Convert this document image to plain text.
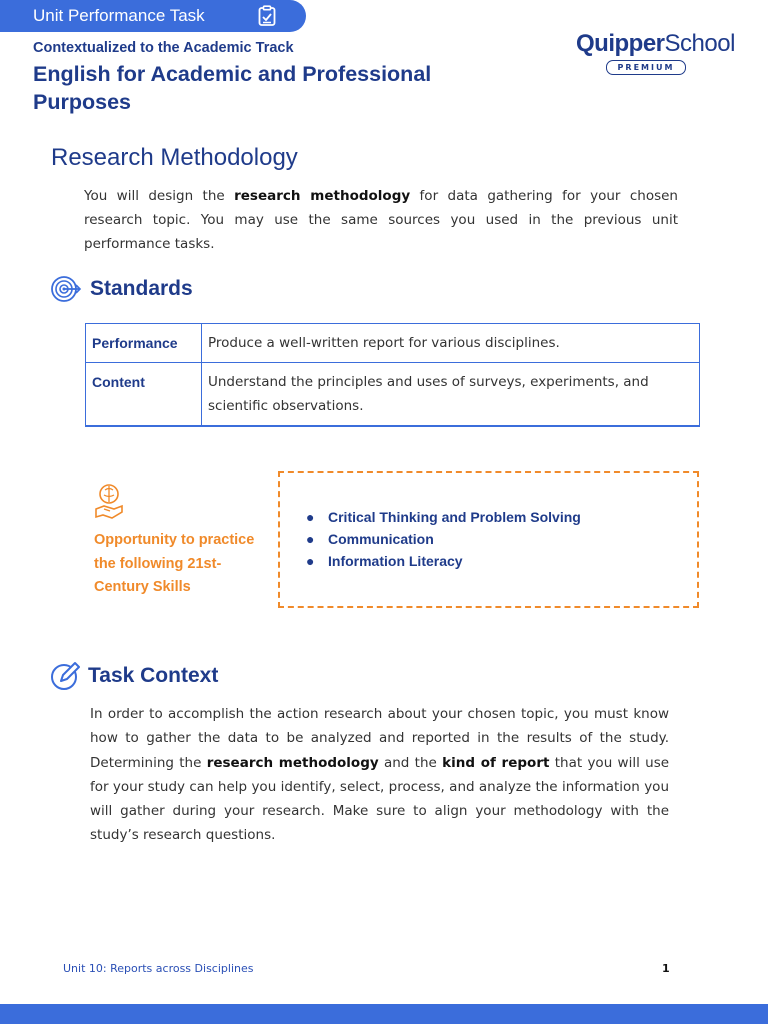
Unit Performance Task
Contextualized to the Academic Track
English for Academic and Professional Purposes
QuipperSchool
PREMIUM
Research Methodology
You will design the research methodology for data gathering for your chosen research topic. You may use the same sources you used in the previous unit performance tasks.
Standards
Performance	Produce a well-written report for various disciplines.
Content	Understand the principles and uses of surveys, experiments, and scientific observations.
Opportunity to practice the following 21st-Century Skills
● Critical Thinking and Problem Solving
● Communication
● Information Literacy
Task Context
In order to accomplish the action research about your chosen topic, you must know how to gather the data to be analyzed and reported in the results of the study. Determining the research methodology and the kind of report that you will use for your study can help you identify, select, process, and analyze the information you will gather during your research. Make sure to align your methodology with the study’s research questions.
Unit 10: Reports across Disciplines	1
